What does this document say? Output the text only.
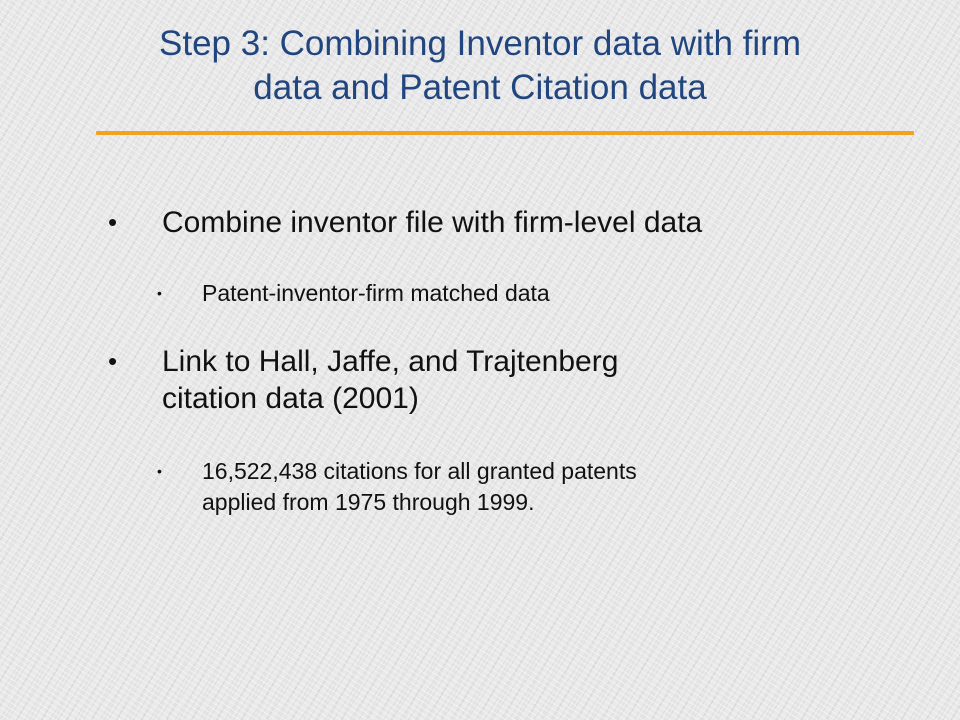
Step 3: Combining Inventor data with firm
data and Patent Citation data
•	Combine inventor file with firm-level data
•	Patent-inventor-firm matched data
•	Link to Hall, Jaffe, and Trajtenberg
citation data (2001)
•	16,522,438 citations for all granted patents
applied from 1975 through 1999.
